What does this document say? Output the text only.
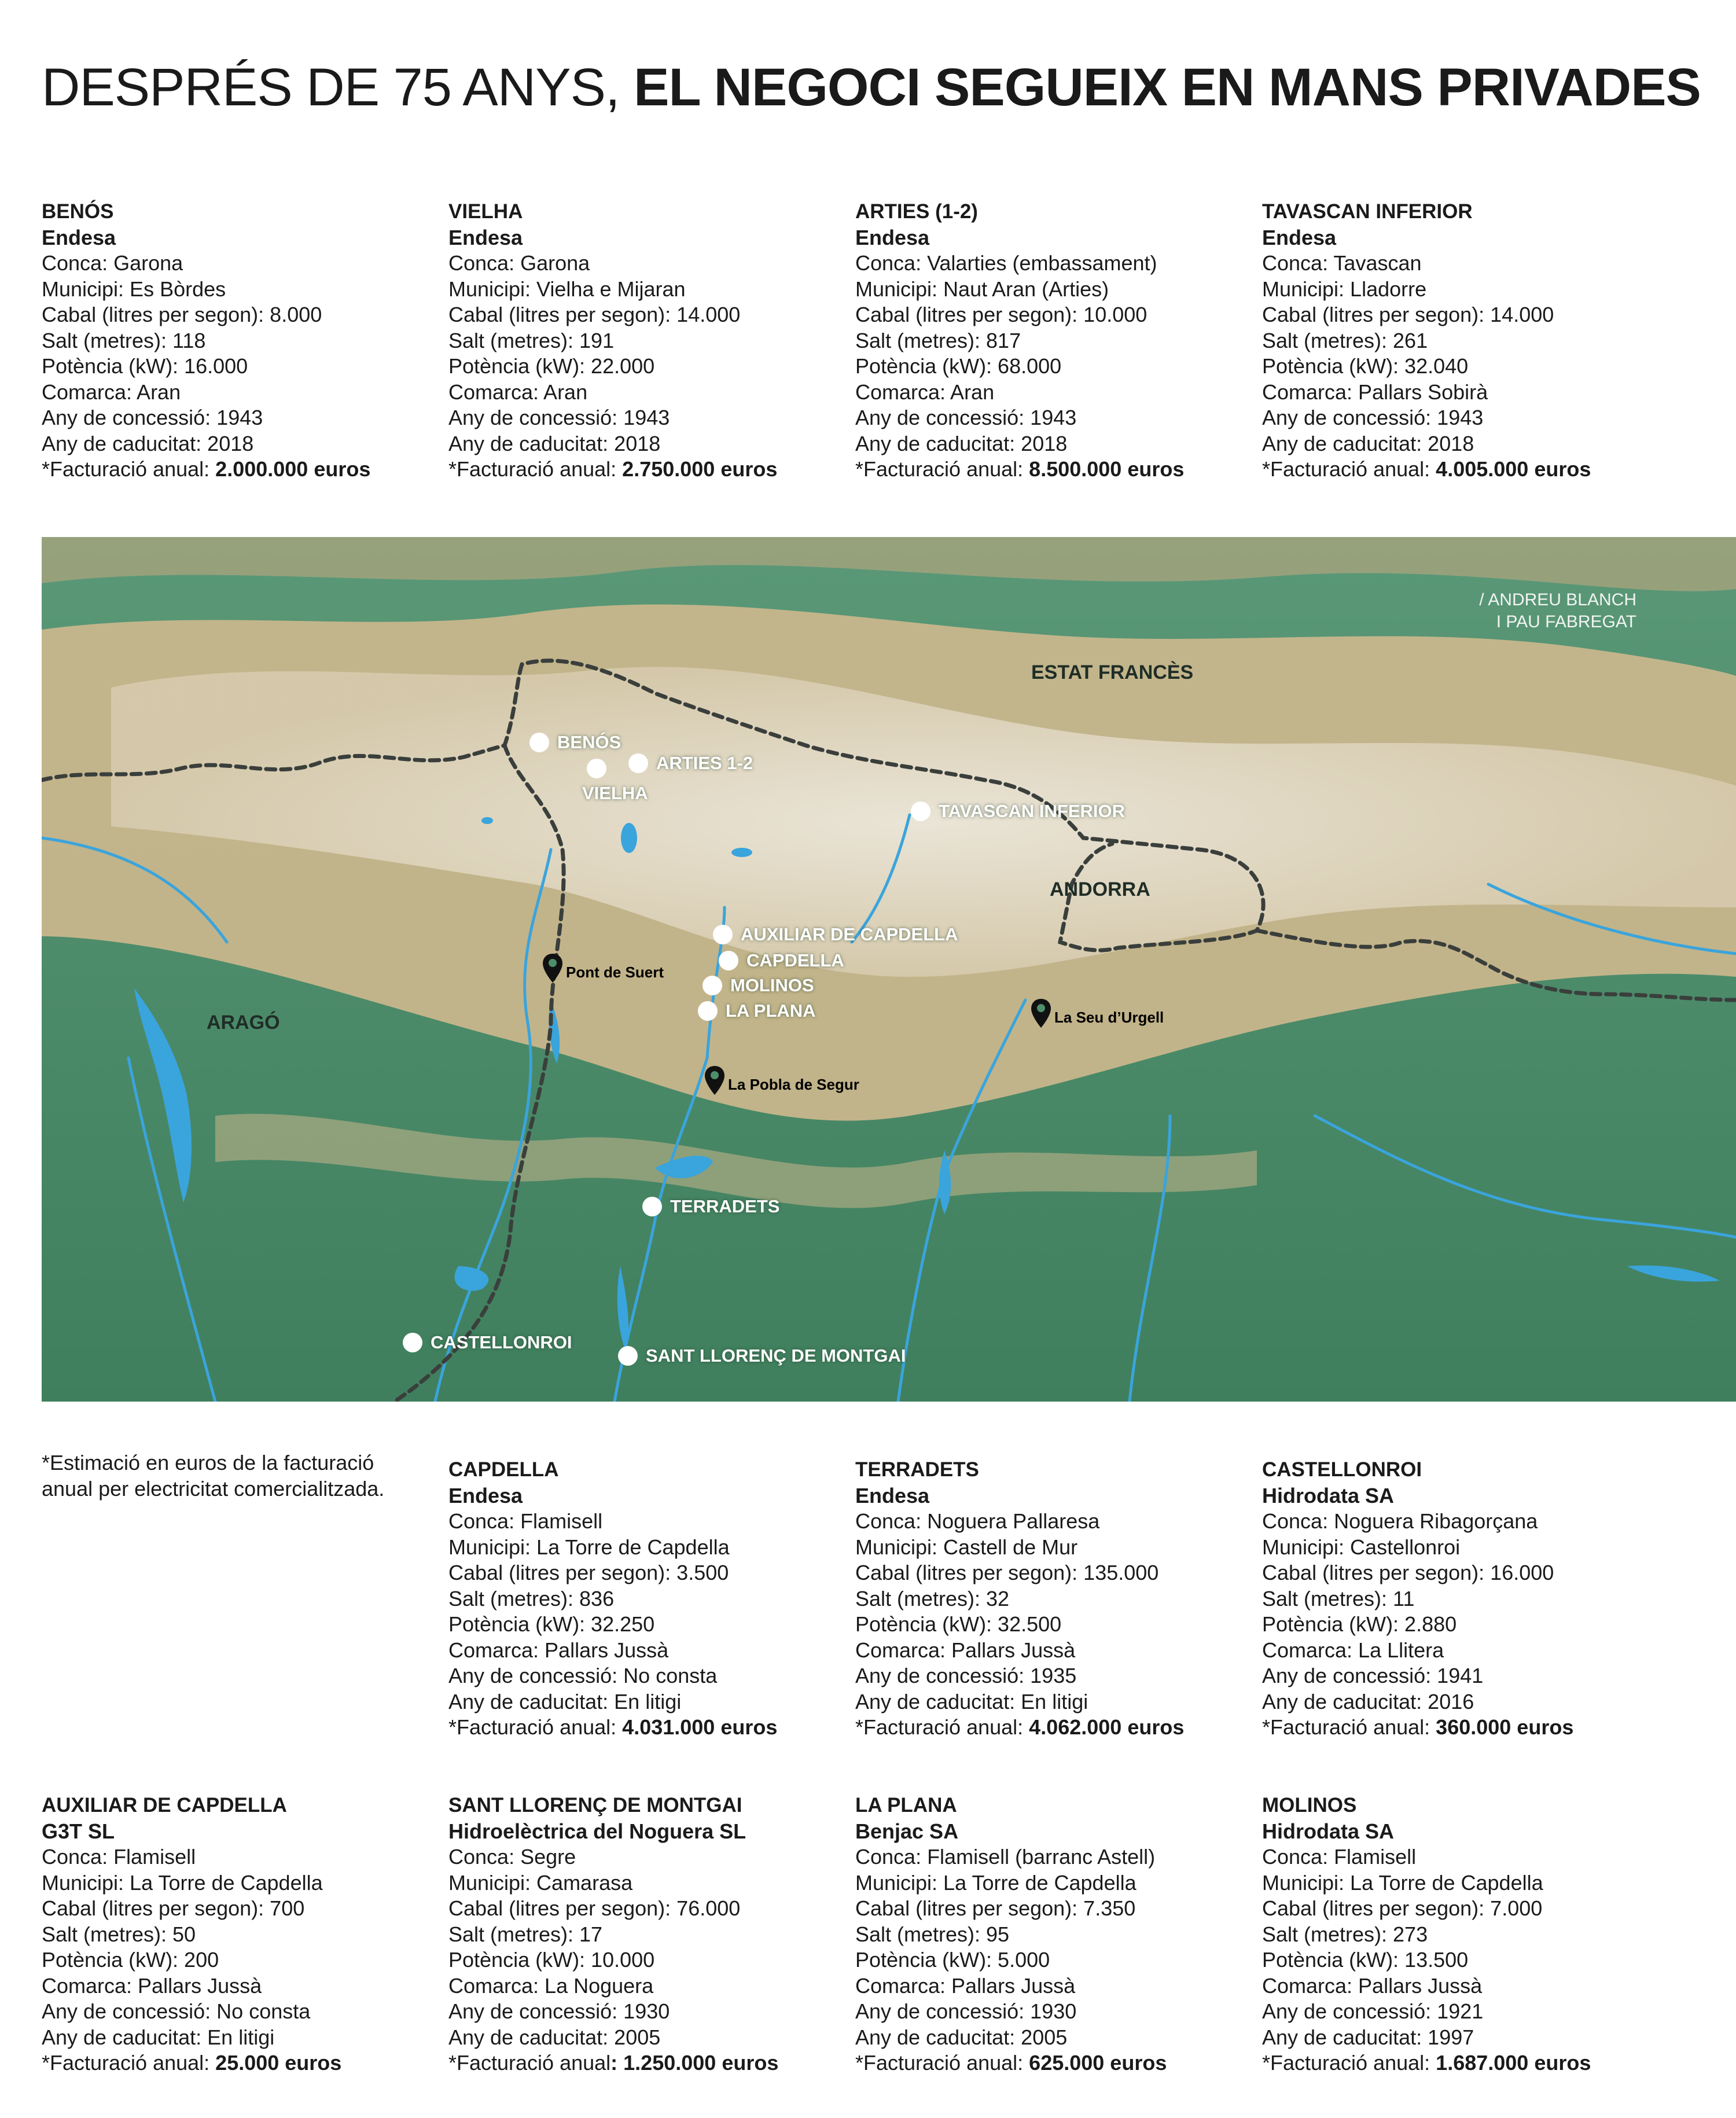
DESPRÉS DE 75 ANYS, EL NEGOCI SEGUEIX EN MANS PRIVADES
BENÓS
Endesa
Conca: Garona
Municipi: Es Bòrdes
Cabal (litres per segon): 8.000
Salt (metres): 118
Potència (kW): 16.000
Comarca: Aran
Any de concessió: 1943
Any de caducitat: 2018
*Facturació anual: 2.000.000 euros
VIELHA
Endesa
Conca: Garona
Municipi: Vielha e Mijaran
Cabal (litres per segon): 14.000
Salt (metres): 191
Potència (kW): 22.000
Comarca: Aran
Any de concessió: 1943
Any de caducitat: 2018
*Facturació anual: 2.750.000 euros
ARTIES (1-2)
Endesa
Conca: Valarties (embassament)
Municipi: Naut Aran (Arties)
Cabal (litres per segon): 10.000
Salt (metres): 817
Potència (kW): 68.000
Comarca: Aran
Any de concessió: 1943
Any de caducitat: 2018
*Facturació anual: 8.500.000 euros
TAVASCAN INFERIOR
Endesa
Conca: Tavascan
Municipi: Lladorre
Cabal (litres per segon): 14.000
Salt (metres): 261
Potència (kW): 32.040
Comarca: Pallars Sobirà
Any de concessió: 1943
Any de caducitat: 2018
*Facturació anual: 4.005.000 euros
/ ANDREU BLANCH
I PAU FABREGAT
ESTAT FRANCÈS
ANDORRA
ARAGÓ
BENÓS
VIELHA
ARTIES 1-2
TAVASCAN INFERIOR
AUXILIAR DE CAPDELLA
CAPDELLA
MOLINOS
LA PLANA
TERRADETS
CASTELLONROI
SANT LLORENÇ DE MONTGAI
Pont de Suert
La Pobla de Segur
La Seu d’Urgell
*Estimació en euros de la facturació anual per electricitat comercialitzada.
CAPDELLA
Endesa
Conca: Flamisell
Municipi: La Torre de Capdella
Cabal (litres per segon): 3.500
Salt (metres): 836
Potència (kW): 32.250
Comarca: Pallars Jussà
Any de concessió: No consta
Any de caducitat: En litigi
*Facturació anual: 4.031.000 euros
TERRADETS
Endesa
Conca: Noguera Pallaresa
Municipi: Castell de Mur
Cabal (litres per segon): 135.000
Salt (metres): 32
Potència (kW): 32.500
Comarca: Pallars Jussà
Any de concessió: 1935
Any de caducitat: En litigi
*Facturació anual: 4.062.000 euros
CASTELLONROI
Hidrodata SA
Conca: Noguera Ribagorçana
Municipi: Castellonroi
Cabal (litres per segon): 16.000
Salt (metres): 11
Potència (kW): 2.880
Comarca: La Llitera
Any de concessió: 1941
Any de caducitat: 2016
*Facturació anual: 360.000 euros
AUXILIAR DE CAPDELLA
G3T SL
Conca: Flamisell
Municipi: La Torre de Capdella
Cabal (litres per segon): 700
Salt (metres): 50
Potència (kW): 200
Comarca: Pallars Jussà
Any de concessió: No consta
Any de caducitat: En litigi
*Facturació anual: 25.000 euros
SANT LLORENÇ DE MONTGAI
Hidroelèctrica del Noguera SL
Conca: Segre
Municipi: Camarasa
Cabal (litres per segon): 76.000
Salt (metres): 17
Potència (kW): 10.000
Comarca: La Noguera
Any de concessió: 1930
Any de caducitat: 2005
*Facturació anual: 1.250.000 euros
LA PLANA
Benjac SA
Conca: Flamisell (barranc Astell)
Municipi: La Torre de Capdella
Cabal (litres per segon): 7.350
Salt (metres): 95
Potència (kW): 5.000
Comarca: Pallars Jussà
Any de concessió: 1930
Any de caducitat: 2005
*Facturació anual: 625.000 euros
MOLINOS
Hidrodata SA
Conca: Flamisell
Municipi: La Torre de Capdella
Cabal (litres per segon): 7.000
Salt (metres): 273
Potència (kW): 13.500
Comarca: Pallars Jussà
Any de concessió: 1921
Any de caducitat: 1997
*Facturació anual: 1.687.000 euros
